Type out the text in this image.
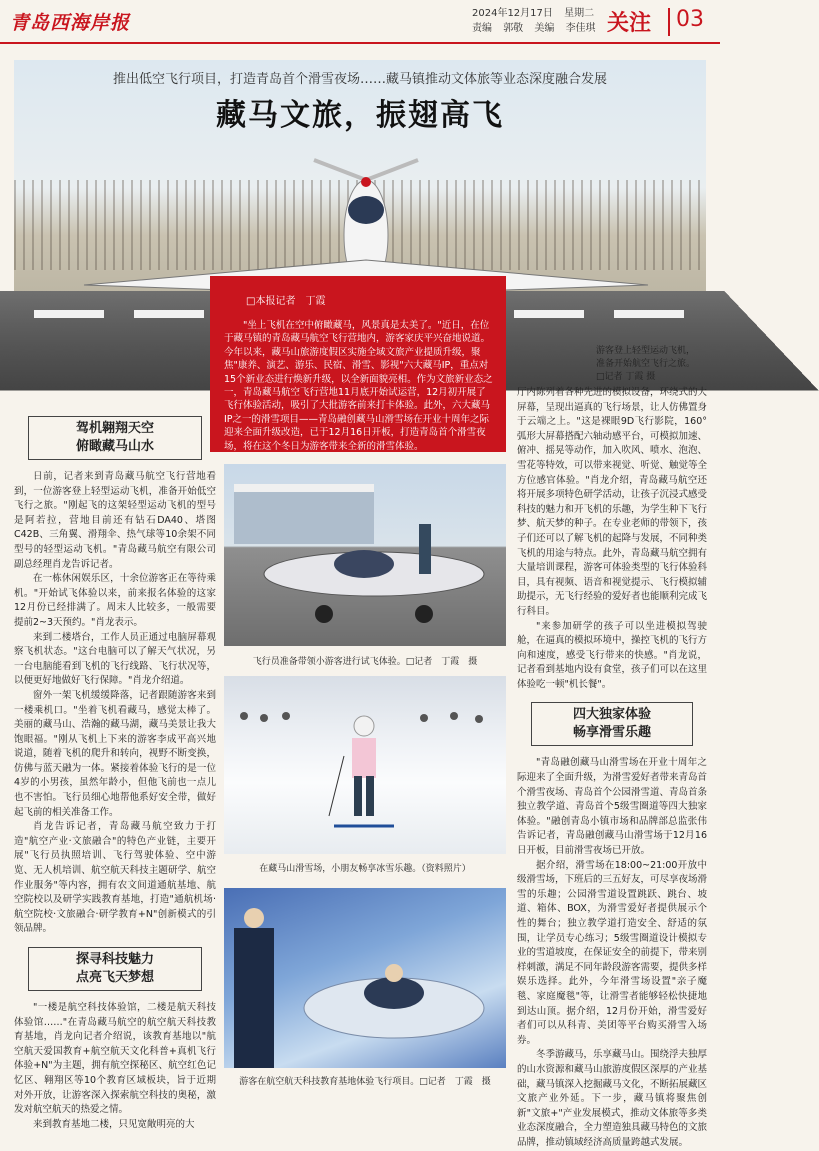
青岛西海岸报	2024年12月17日 星期二
责编 郭敬 美编 李佳琪 关注 03
推出低空飞行项目，打造青岛首个滑雪夜场……藏马镇推动文体旅等业态深度融合发展
藏马文旅，振翅高飞
游客登上轻型运动飞机，准备开始航空飞行之旅。□记者 丁霞 摄
□本报记者　丁霞
"坐上飞机在空中俯瞰藏马，风景真是太美了。"近日，在位于藏马镇的青岛藏马航空飞行营地内，游客家庆平兴奋地说道。今年以来，藏马山旅游度假区实施全域文旅产业提质升级，聚焦"康养、演艺、游乐、民宿、滑雪、影视"六大藏马IP，重点对15个新业态进行焕新升级，以全新面貌亮相。作为文旅新业态之一，青岛藏马航空飞行营地11月底开始试运营，12月初开展了飞行体验活动，吸引了大批游客前来打卡体验。此外，六大藏马IP之一的滑雪项目——青岛融创藏马山滑雪场在开业十周年之际迎来全面升级改造，已于12月16日开板，打造青岛首个滑雪夜场，将在这个冬日为游客带来全新的滑雪体验。
驾机翱翔天空
俯瞰藏马山水

日前，记者来到青岛藏马航空飞行营地看到，一位游客登上轻型运动飞机，准备开始低空飞行之旅。"刚起飞的这架轻型运动飞机的型号是阿若拉，营地目前还有钻石DA40、塔图C42B、三角翼、滑翔伞、热气球等10余架不同型号的轻型运动飞机。"青岛藏马航空有限公司副总经理肖龙告诉记者。

在一栋休闲娱乐区，十余位游客正在等待乘机。"开始试飞体验以来，前来报名体验的这家12月份已经排满了。周末人比较多，一般需要提前2~3天预约。"肖龙表示。

来到二楼塔台，工作人员正通过电脑屏幕观察飞机状态。"这台电脑可以了解天气状况，另一台电脑能看到飞机的飞行线路、飞行状况等，以便更好地做好飞行保障。"肖龙介绍道。

窗外一架飞机缓缓降落，记者跟随游客来到一楼乘机口。"坐着飞机看藏马，感觉太棒了。美丽的藏马山、浩瀚的藏马湖，藏马美景让我大饱眼福。"刚从飞机上下来的游客李成平高兴地说道，随着飞机的爬升和转向，视野不断变换，仿佛与蓝天融为一体。紧接着体验飞行的是一位4岁的小男孩，虽然年龄小，但他飞前也一点儿也不害怕。飞行员细心地帮他系好安全带，做好起飞前的相关准备工作。

肖龙告诉记者，青岛藏马航空致力于打造"航空产业·文旅融合"的特色产业链，主要开展"飞行员执照培训、飞行驾驶体验、空中游览、无人机培训、航空航天科技主题研学、航空作业服务"等内容，拥有农文间道通航基地、航空院校以及研学实践教育基地，打造"通航机场·航空院校·文旅融合·研学教育+N"创新模式的引领品牌。

探寻科技魅力
点亮飞天梦想

"一楼是航空科技体验馆，二楼是航天科技体验馆……"在青岛藏马航空的航空航天科技教育基地，肖龙向记者介绍说，该教育基地以"航空航天爱国教育+航空航天文化科普+真机飞行体验+N"为主题，拥有航空探秘区、航空红色记忆区、翱翔区等10个教育区域板块，旨于近期对外开放，让游客深入探索航空科技的奥秘，激发对航空航天的热爱之情。

来到教育基地二楼，只见宽敞明亮的大

飞行员准备带领小游客进行试飞体验。□记者　丁霞　摄
在藏马山滑雪场，小朋友畅享冰雪乐趣。（资料照片）
游客在航空航天科技教育基地体验飞行项目。□记者　丁霞　摄

厅内陈列着各种先进的模拟设备，环绕式的大屏幕，呈现出逼真的飞行场景，让人仿佛置身于云端之上。"这是裸眼9D飞行影院，160°弧形大屏幕搭配六轴动感平台，可模拟加速、俯冲、摇晃等动作，加入吹风、喷水、泡泡、雪花等特效，可以带来视觉、听觉、触觉等全方位感官体验。"肖龙介绍，青岛藏马航空还将开展多项特色研学活动，让孩子沉浸式感受科技的魅力和开飞机的乐趣，为学生种下飞行梦、航天梦的种子。在专业老师的带领下，孩子们还可以了解飞机的起降与发展，不同种类飞机的用途与特点。此外，青岛藏马航空拥有大量培训课程，游客可体验类型的飞行体验科目，具有视频、语音和视觉提示、飞行模拟辅助提示，无飞行经验的爱好者也能顺利完成飞行科目。

"来参加研学的孩子可以坐进模拟驾驶舱，在逼真的模拟环境中，操控飞机的飞行方向和速度，感受飞行带来的快感。"肖龙说，记者看到基地内设有食堂，孩子们可以在这里体验吃一顿"机长餐"。

四大独家体验
畅享滑雪乐趣

"青岛融创藏马山滑雪场在开业十周年之际迎来了全面升级，为滑雪爱好者带来青岛首个滑雪夜场、青岛首个公园滑雪道、青岛首条独立教学道、青岛首个5级雪圈道等四大独家体验。"融创青岛小镇市场和品牌部总监张伟告诉记者，青岛融创藏马山滑雪场于12月16日开板，目前滑雪夜场已开放。

据介绍，滑雪场在18:00~21:00开放中级滑雪场，下班后的三五好友，可尽享夜场滑雪的乐趣；公园滑雪道设置跳跃、跳台、坡道、箱体、BOX，为滑雪爱好者提供展示个性的舞台；独立教学道打造安全、舒适的氛围，让学员专心练习；5级雪圈道设计模拟专业的雪道坡度，在保证安全的前提下，带来别样刺激，满足不同年龄段游客需要，提供多样娱乐选择。此外，今年滑雪场设置"亲子魔毯、家庭魔毯"等，让滑雪者能够轻松快捷地到达山顶。据介绍，12月份开始，滑雪爱好者们可以从科青、美团等平台购买滑雪入场券。

冬季游藏马，乐享藏马山。围绕浮夫独厚的山水资源和藏马山旅游度假区深厚的产业基础，藏马镇深入挖掘藏马文化，不断拓展藏区文旅产业外延。下一步，藏马镇将聚焦创新"文旅+"产业发展模式，推动文体旅等多类业态深度融合，全力塑造独具藏马特色的文旅品牌，推动镇域经济高质量跨越式发展。
